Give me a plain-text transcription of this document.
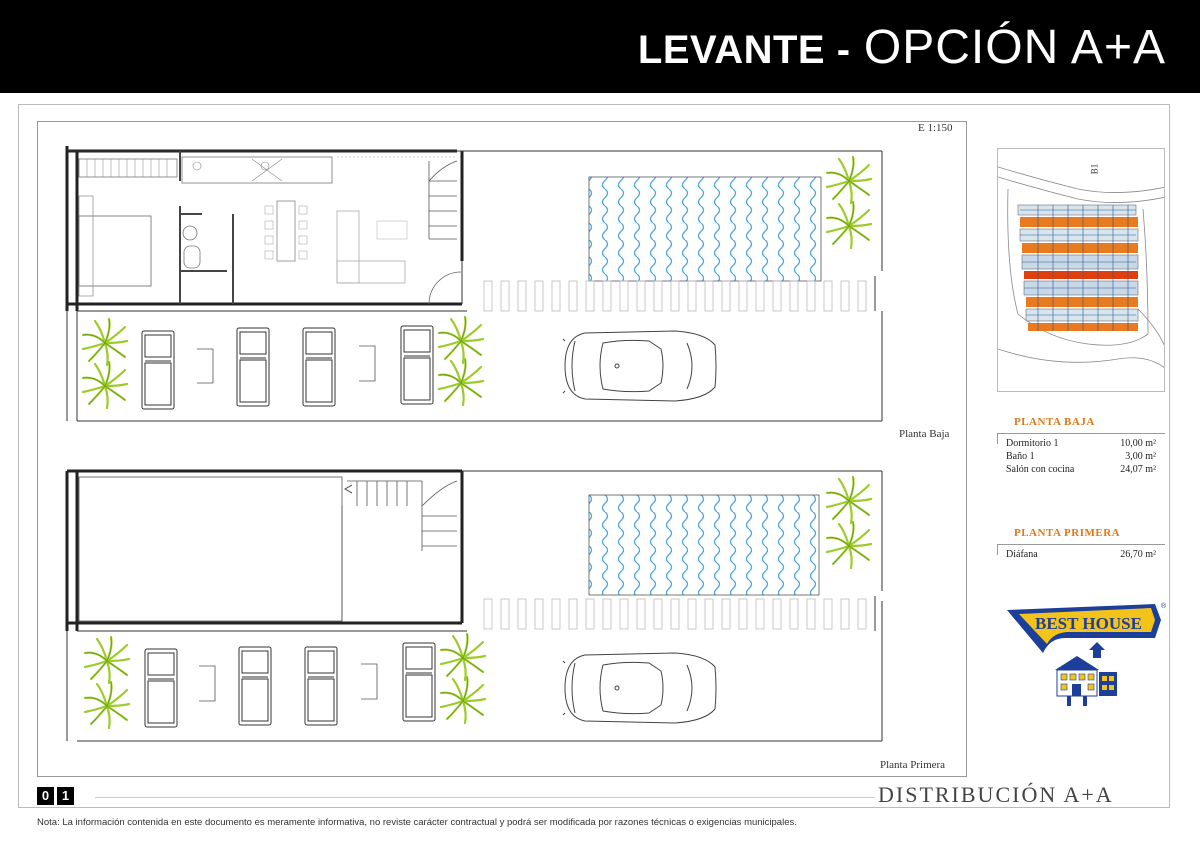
LEVANTE - OPCIÓN A+A
E 1:150
Planta Baja
Planta Primera
B1
PLANTA BAJA
Dormitorio 1	10,00 m²
Baño 1	3,00 m²
Salón con cocina	24,07 m²
PLANTA PRIMERA
Diáfana	26,70 m²
BEST HOUSE
®
0 1	DISTRIBUCIÓN A+A
Nota: La información contenida en este documento es meramente informativa, no reviste carácter contractual y podrá ser modificada por razones técnicas o exigencias municipales.
